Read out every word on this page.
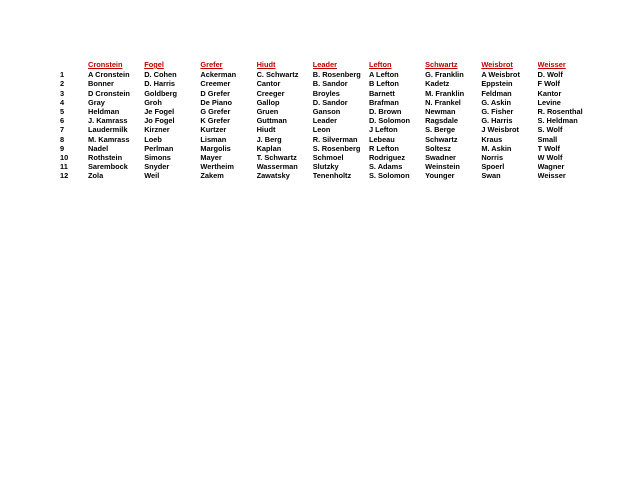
	Cronstein	Fogel	Grefer	Hiudt	Leader	Lefton	Schwartz	Weisbrot	Weisser
1	A Cronstein	D. Cohen	Ackerman	C. Schwartz	B. Rosenberg	A Lefton	G. Franklin	A Weisbrot	D. Wolf
2	Bonner	D. Harris	Creemer	Cantor	B. Sandor	B Lefton	Kadetz	Eppstein	F Wolf
3	D Cronstein	Goldberg	D Grefer	Creeger	Broyles	Barnett	M. Franklin	Feldman	Kantor
4	Gray	Groh	De Piano	Gallop	D. Sandor	Brafman	N. Frankel	G. Askin	Levine
5	Heldman	Je Fogel	G Grefer	Gruen	Ganson	D. Brown	Newman	G. Fisher	R. Rosenthal
6	J. Kamrass	Jo Fogel	K Grefer	Guttman	Leader	D. Solomon	Ragsdale	G. Harris	S. Heldman
7	Laudermilk	Kirzner	Kurtzer	Hiudt	Leon	J Lefton	S. Berge	J Weisbrot	S. Wolf
8	M. Kamrass	Loeb	Lisman	J. Berg	R. Silverman	Lebeau	Schwartz	Kraus	Small
9	Nadel	Perlman	Margolis	Kaplan	S. Rosenberg	R Lefton	Soltesz	M. Askin	T Wolf
10	Rothstein	Simons	Mayer	T. Schwartz	Schmoel	Rodriguez	Swadner	Norris	W Wolf
11	Sarembock	Snyder	Wertheim	Wasserman	Slutzky	S. Adams	Weinstein	Spoerl	Wagner
12	Zola	Weil	Zakem	Zawatsky	Tenenholtz	S. Solomon	Younger	Swan	Weisser
